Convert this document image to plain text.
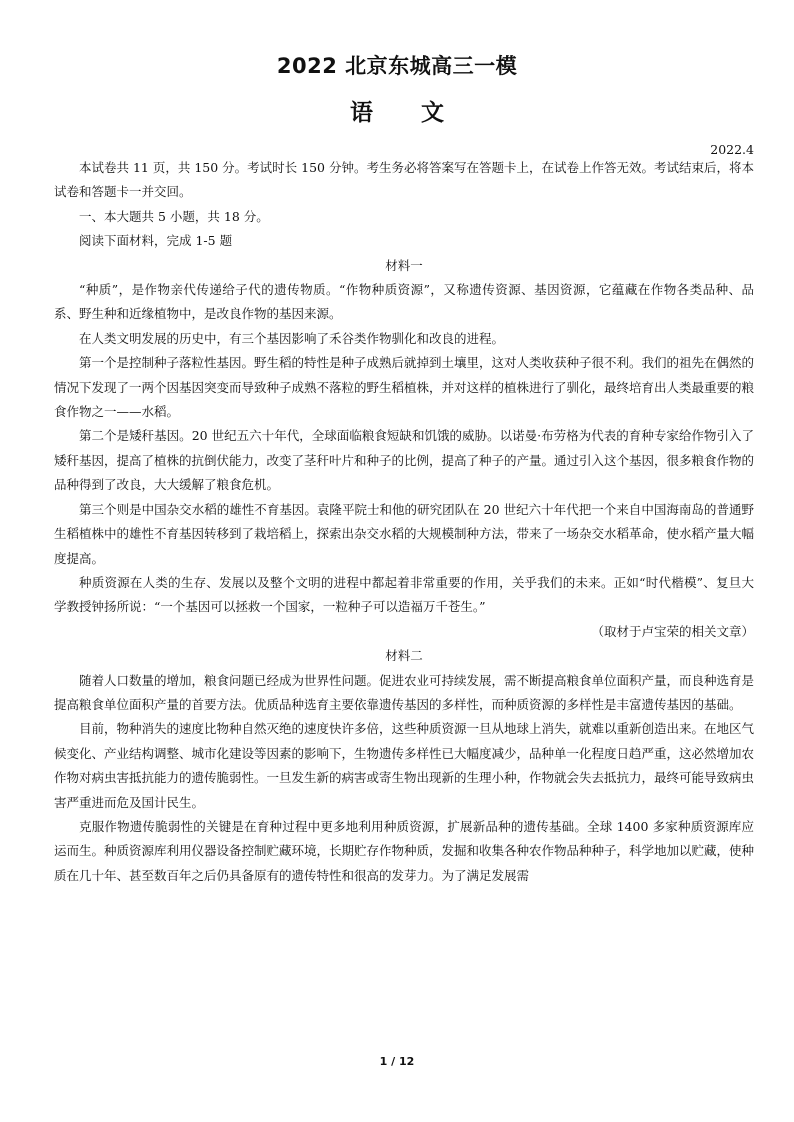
2022 北京东城高三一模
语文
2022.4

本试卷共 11 页，共 150 分。考试时长 150 分钟。考生务必将答案写在答题卡上，在试卷上作答无效。考试结束后，将本试卷和答题卡一并交回。

一、本大题共 5 小题，共 18 分。

阅读下面材料，完成 1-5 题

材料一

“种质”，是作物亲代传递给子代的遗传物质。“作物种质资源”，又称遗传资源、基因资源，它蕴藏在作物各类品种、品系、野生种和近缘植物中，是改良作物的基因来源。

在人类文明发展的历史中，有三个基因影响了禾谷类作物驯化和改良的进程。

第一个是控制种子落粒性基因。野生稻的特性是种子成熟后就掉到土壤里，这对人类收获种子很不利。我们的祖先在偶然的情况下发现了一两个因基因突变而导致种子成熟不落粒的野生稻植株，并对这样的植株进行了驯化，最终培育出人类最重要的粮食作物之一——水稻。

第二个是矮秆基因。20 世纪五六十年代，全球面临粮食短缺和饥饿的威胁。以诺曼·布劳格为代表的育种专家给作物引入了矮秆基因，提高了植株的抗倒伏能力，改变了茎秆叶片和种子的比例，提高了种子的产量。通过引入这个基因，很多粮食作物的品种得到了改良，大大缓解了粮食危机。

第三个则是中国杂交水稻的雄性不育基因。袁隆平院士和他的研究团队在 20 世纪六十年代把一个来自中国海南岛的普通野生稻植株中的雄性不育基因转移到了栽培稻上，探索出杂交水稻的大规模制种方法，带来了一场杂交水稻革命，使水稻产量大幅度提高。

种质资源在人类的生存、发展以及整个文明的进程中都起着非常重要的作用，关乎我们的未来。正如“时代楷模”、复旦大学教授钟扬所说：“一个基因可以拯救一个国家，一粒种子可以造福万千苍生。”

（取材于卢宝荣的相关文章）

材料二

随着人口数量的增加，粮食问题已经成为世界性问题。促进农业可持续发展，需不断提高粮食单位面积产量，而良种选育是提高粮食单位面积产量的首要方法。优质品种选育主要依靠遗传基因的多样性，而种质资源的多样性是丰富遗传基因的基础。

目前，物种消失的速度比物种自然灭绝的速度快许多倍，这些种质资源一旦从地球上消失，就难以重新创造出来。在地区气候变化、产业结构调整、城市化建设等因素的影响下，生物遗传多样性已大幅度减少，品种单一化程度日趋严重，这必然增加农作物对病虫害抵抗能力的遗传脆弱性。一旦发生新的病害或寄生物出现新的生理小种，作物就会失去抵抗力，最终可能导致病虫害严重进而危及国计民生。

克服作物遗传脆弱性的关键是在育种过程中更多地利用种质资源，扩展新品种的遗传基础。全球 1400 多家种质资源库应运而生。种质资源库利用仪器设备控制贮藏环境，长期贮存作物种质，发掘和收集各种农作物品种种子，科学地加以贮藏，使种质在几十年、甚至数百年之后仍具备原有的遗传特性和很高的发芽力。为了满足发展需

1 / 12
